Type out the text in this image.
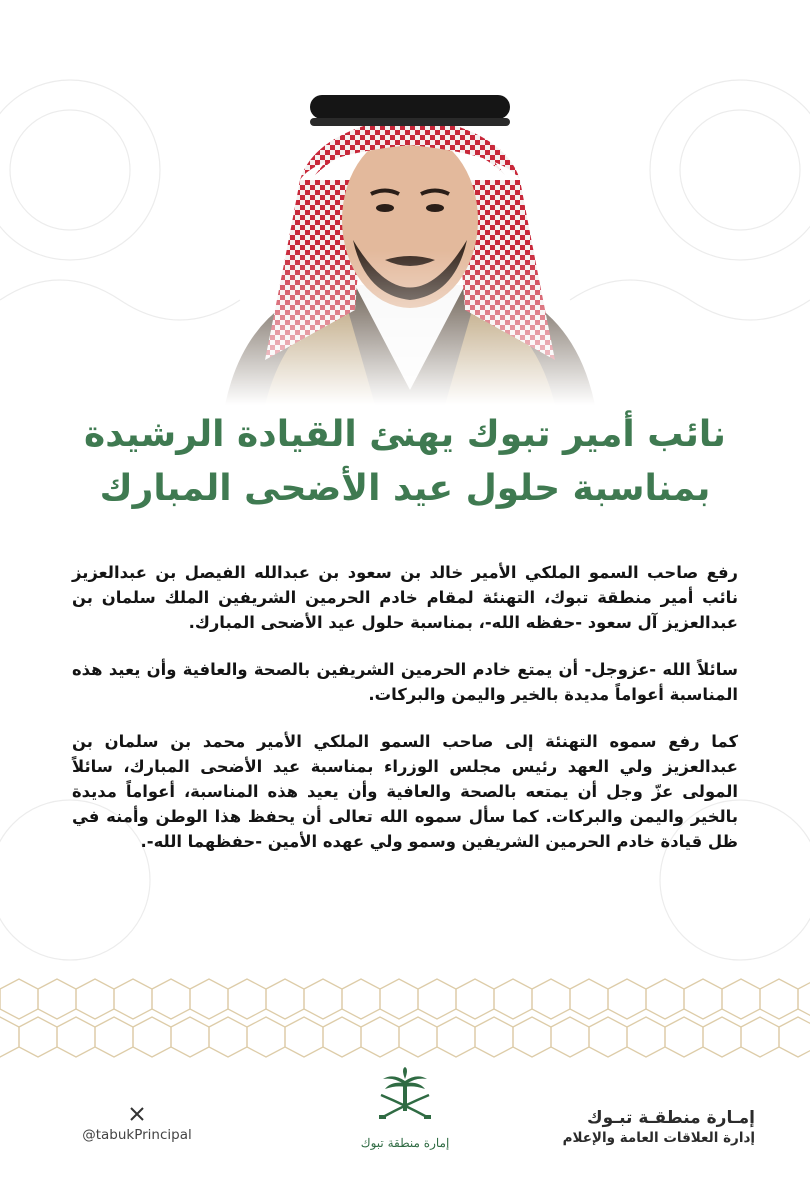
نائب أمير تبوك يهنئ القيادة الرشيدة
بمناسبة حلول عيد الأضحى المبارك

رفع صاحب السمو الملكي الأمير خالد بن سعود بن عبدالله الفيصل بن عبدالعزيز نائب أمير منطقة تبوك، التهنئة لمقام خادم الحرمين الشريفين الملك سلمان بن عبدالعزيز آل سعود -حفظه الله-، بمناسبة حلول عيد الأضحى المبارك.

سائلاً الله -عزوجل- أن يمتع خادم الحرمين الشريفين بالصحة والعافية وأن يعيد هذه المناسبة أعواماً مديدة بالخير واليمن والبركات.

كما رفع سموه التهنئة إلى صاحب السمو الملكي الأمير محمد بن سلمان بن عبدالعزيز ولي العهد رئيس مجلس الوزراء بمناسبة عيد الأضحى المبارك، سائلاً المولى عزّ وجل أن يمتعه بالصحة والعافية وأن يعيد هذه المناسبة، أعواماً مديدة بالخير واليمن والبركات. كما سأل سموه الله تعالى أن يحفظ هذا الوطن وأمنه في ظل قيادة خادم الحرمين الشريفين وسمو ولي عهده الأمين -حفظهما الله-.

@tabukPrincipal	إمارة منطقة تبوك
إمـارة منطقـة تبـوك
إدارة العلاقات العامة والإعلام
